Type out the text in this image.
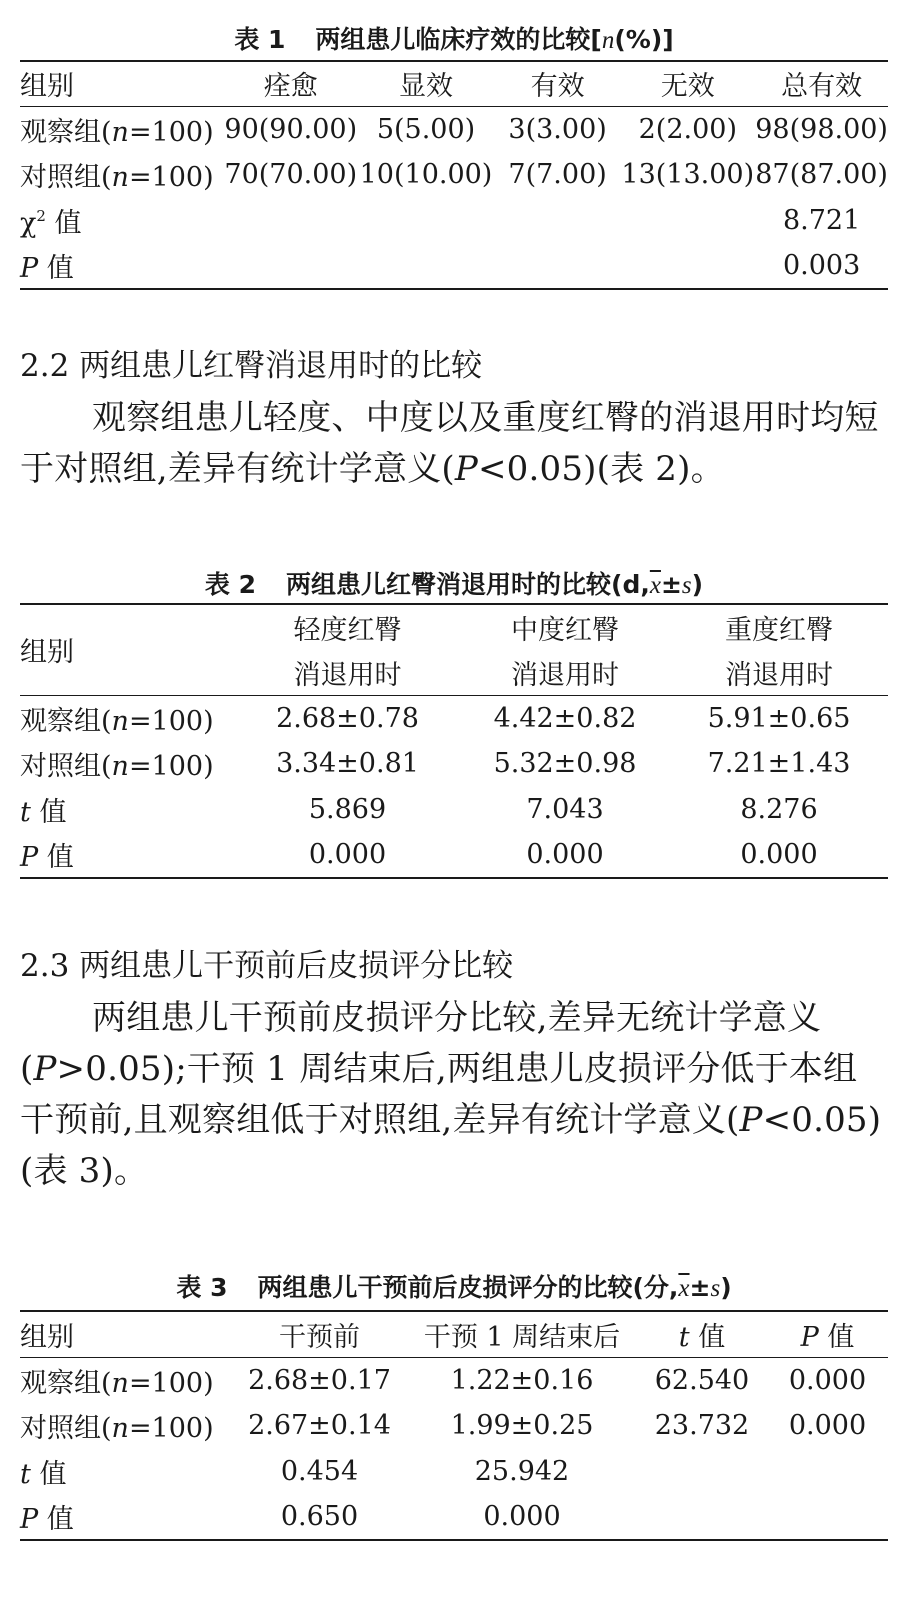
表 1 两组患儿临床疗效的比较[n(%)]
组别	痊愈	显效	有效	无效	总有效
观察组(n=100)	90(90.00)	5(5.00)	3(3.00)	2(2.00)	98(98.00)
对照组(n=100)	70(70.00)	10(10.00)	7(7.00)	13(13.00)	87(87.00)
$\chi^2$ 值					8.721
P 值					0.003
2.2 两组患儿红臀消退用时的比较
观察组患儿轻度、中度以及重度红臀的消退用时均短于对照组,差异有统计学意义(P<0.05)(表 2)。
表 2 两组患儿红臀消退用时的比较$(d,\overline{x}\pm s)$
组别	轻度红臀	中度红臀	重度红臀
	消退用时	消退用时	消退用时
观察组(n=100)	2.68±0.78	4.42±0.82	5.91±0.65
对照组(n=100)	3.34±0.81	5.32±0.98	7.21±1.43
t 值	5.869	7.043	8.276
P 值	0.000	0.000	0.000
2.3 两组患儿干预前后皮损评分比较
两组患儿干预前皮损评分比较,差异无统计学意义(P>0.05);干预 1 周结束后,两组患儿皮损评分低于本组干预前,且观察组低于对照组,差异有统计学意义(P<0.05)(表 3)。
表 3 两组患儿干预前后皮损评分的比较(分$,\overline{x}\pm s$)
组别	干预前	干预 1 周结束后	t 值	P 值
观察组(n=100)	2.68±0.17	1.22±0.16	62.540	0.000
对照组(n=100)	2.67±0.14	1.99±0.25	23.732	0.000
t 值	0.454	25.942		
P 值	0.650	0.000		
